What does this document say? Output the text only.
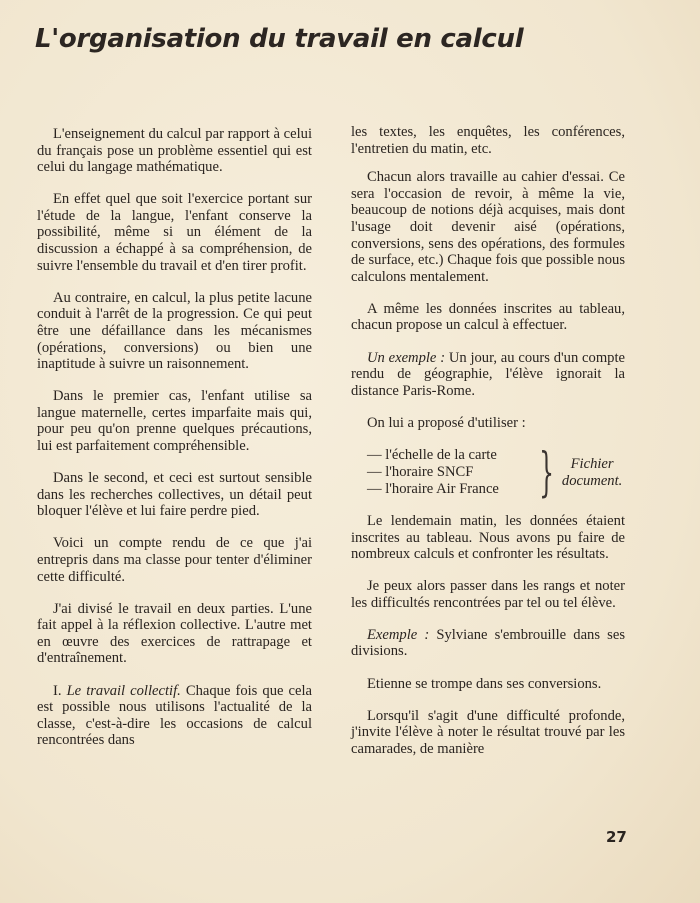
L'organisation du travail en calcul

L'enseignement du calcul par rapport à celui du français pose un problème essentiel qui est celui du langage mathématique.

En effet quel que soit l'exercice portant sur l'étude de la langue, l'enfant conserve la possibilité, même si un élément de la discussion a échappé à sa compréhension, de suivre l'ensemble du travail et d'en tirer profit.

Au contraire, en calcul, la plus petite lacune conduit à l'arrêt de la progression. Ce qui peut être une défaillance dans les mécanismes (opérations, conversions) ou bien une inaptitude à suivre un raisonnement.

Dans le premier cas, l'enfant utilise sa langue maternelle, certes imparfaite mais qui, pour peu qu'on prenne quelques précautions, lui est parfaitement compréhensible.

Dans le second, et ceci est surtout sensible dans les recherches collectives, un détail peut bloquer l'élève et lui faire perdre pied.

Voici un compte rendu de ce que j'ai entrepris dans ma classe pour tenter d'éliminer cette difficulté.

J'ai divisé le travail en deux parties. L'une fait appel à la réflexion collective. L'autre met en œuvre des exercices de rattrapage et d'entraînement.

I. Le travail collectif. Chaque fois que cela est possible nous utilisons l'actualité de la classe, c'est-à-dire les occasions de calcul rencontrées dans

les textes, les enquêtes, les conférences, l'entretien du matin, etc.

Chacun alors travaille au cahier d'essai. Ce sera l'occasion de revoir, à même la vie, beaucoup de notions déjà acquises, mais dont l'usage doit devenir aisé (opérations, conversions, sens des opérations, des formules de surface, etc.) Chaque fois que possible nous calculons mentalement.

A même les données inscrites au tableau, chacun propose un calcul à effectuer.

Un exemple : Un jour, au cours d'un compte rendu de géographie, l'élève ignorait la distance Paris-Rome.

On lui a proposé d'utiliser :

— l'échelle de la carte
— l'horaire SNCF
— l'horaire Air France }	Fichier
document.

Le lendemain matin, les données étaient inscrites au tableau. Nous avons pu faire de nombreux calculs et confronter les résultats.

Je peux alors passer dans les rangs et noter les difficultés rencontrées par tel ou tel élève.

Exemple : Sylviane s'embrouille dans ses divisions.

Etienne se trompe dans ses conversions.

Lorsqu'il s'agit d'une difficulté profonde, j'invite l'élève à noter le résultat trouvé par les camarades, de manière

27
